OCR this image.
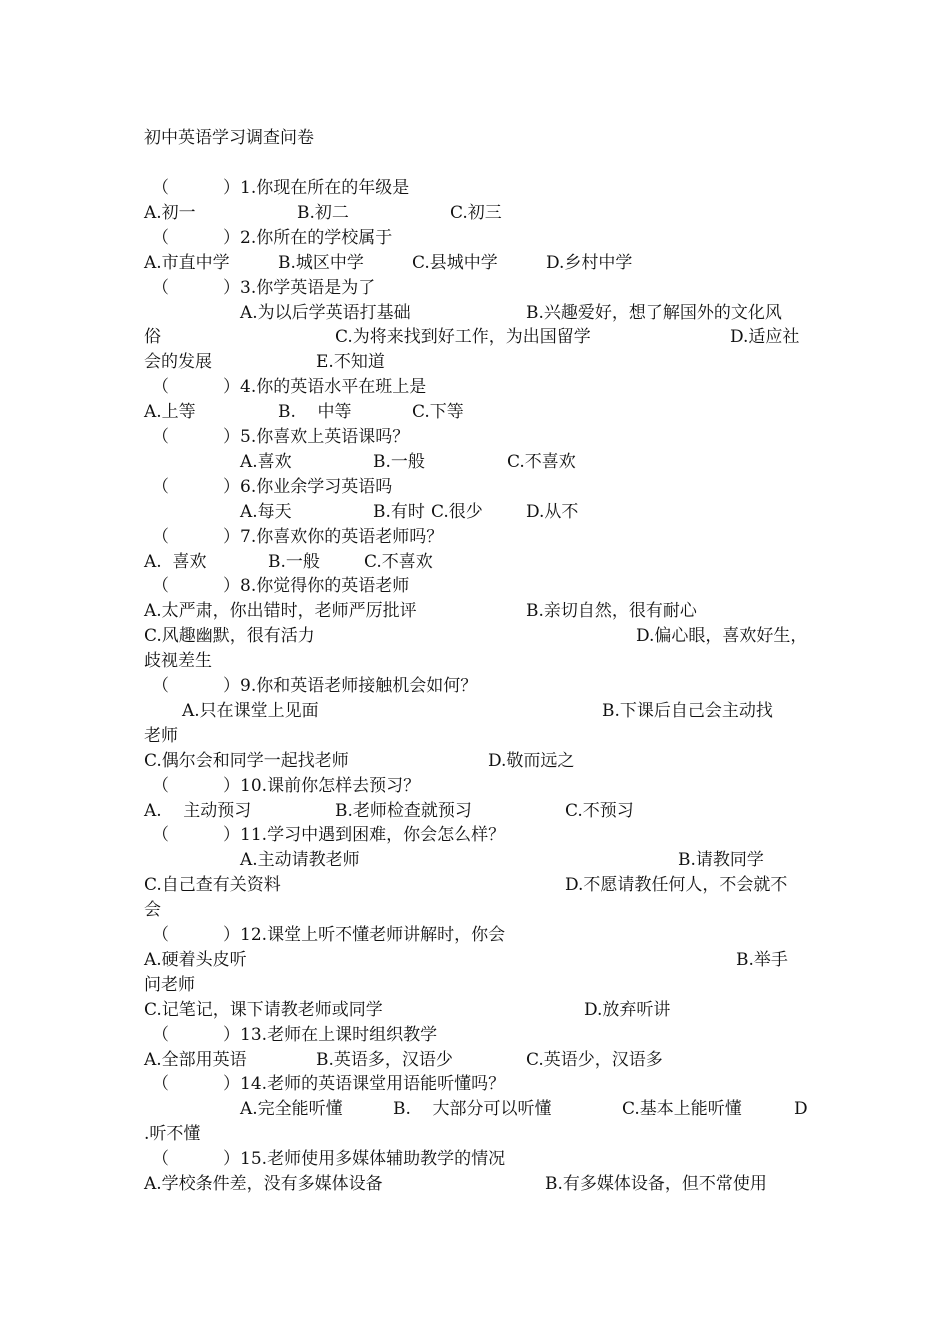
初中英语学习调查问卷
（          ）1.你现在所在的年级是
A.初一	B.初二	C.初三
（          ）2.你所在的学校属于
A.市直中学	B.城区中学	C.县城中学	D.乡村中学
（          ）3.你学英语是为了
A.为以后学英语打基础	B.兴趣爱好，想了解国外的文化风
俗	C.为将来找到好工作，为出国留学	D.适应社
会的发展	E.不知道
（          ）4.你的英语水平在班上是
A.上等	B.    中等	C.下等
（          ）5.你喜欢上英语课吗？
A.喜欢	B.一般	C.不喜欢
（          ）6.你业余学习英语吗
A.每天	B.有时 C.很少	D.从不
（          ）7.你喜欢你的英语老师吗？
A.  喜欢	B.一般	C.不喜欢
（          ）8.你觉得你的英语老师
A.太严肃，你出错时，老师严厉批评	B.亲切自然，很有耐心
C.风趣幽默，很有活力	D.偏心眼，喜欢好生，
歧视差生
（          ）9.你和英语老师接触机会如何？
A.只在课堂上见面	B.下课后自己会主动找
老师
C.偶尔会和同学一起找老师	D.敬而远之
（          ）10.课前你怎样去预习？
A.    主动预习	B.老师检查就预习	C.不预习
（          ）11.学习中遇到困难，你会怎么样？
A.主动请教老师	B.请教同学
C.自己查有关资料	D.不愿请教任何人，不会就不
会
（          ）12.课堂上听不懂老师讲解时，你会
A.硬着头皮听	B.举手
问老师
C.记笔记，课下请教老师或同学	D.放弃听讲
（          ）13.老师在上课时组织教学
A.全部用英语	B.英语多，汉语少	C.英语少，汉语多
（          ）14.老师的英语课堂用语能听懂吗？
A.完全能听懂	B.    大部分可以听懂	C.基本上能听懂	D
.听不懂
（          ）15.老师使用多媒体辅助教学的情况
A.学校条件差，没有多媒体设备	B.有多媒体设备，但不常使用
